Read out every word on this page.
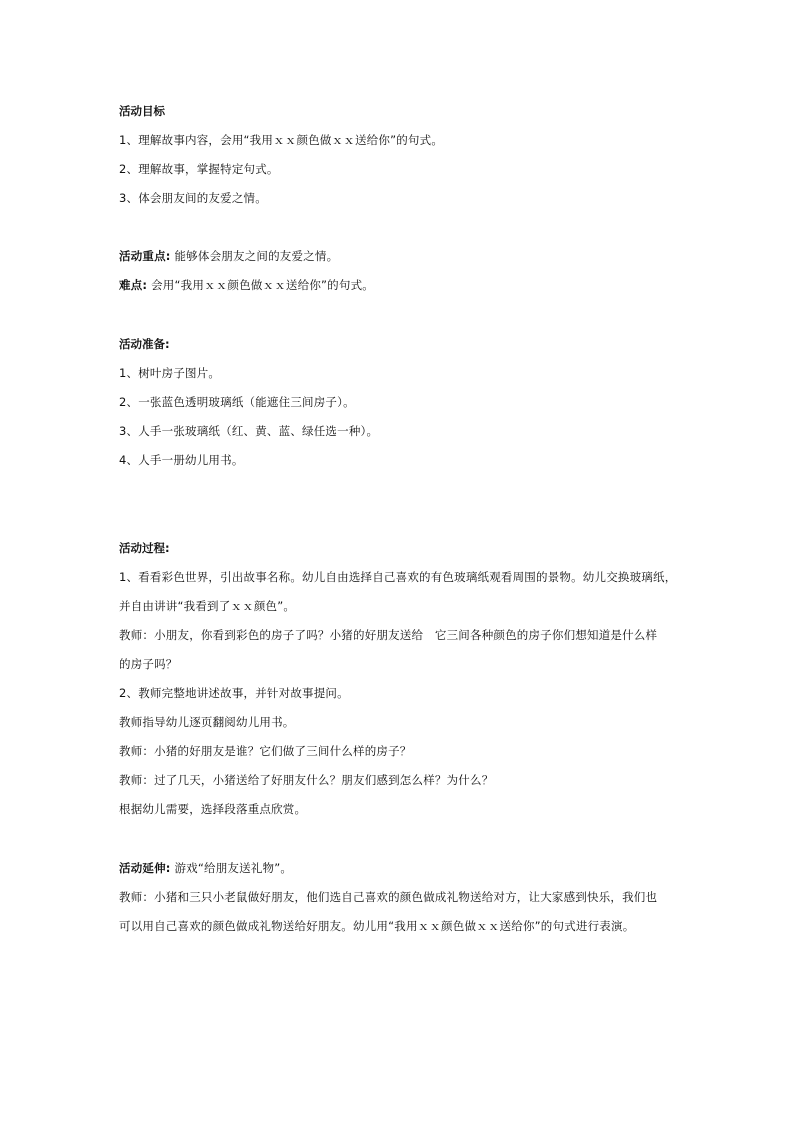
活动目标
1、理解故事内容，会用“我用ｘｘ颜色做ｘｘ送给你”的句式。
2、理解故事，掌握特定句式。
3、体会朋友间的友爱之情。
活动重点: 能够体会朋友之间的友爱之情。
难点: 会用“我用ｘｘ颜色做ｘｘ送给你”的句式。
活动准备:
1、树叶房子图片。
2、一张蓝色透明玻璃纸（能遮住三间房子）。
3、人手一张玻璃纸（红、黄、蓝、绿任选一种）。
4、人手一册幼儿用书。
活动过程:
1、看看彩色世界，引出故事名称。幼儿自由选择自己喜欢的有色玻璃纸观看周围的景物。幼儿交换玻璃纸，
并自由讲讲“我看到了ｘｘ颜色”。
教师：小朋友，你看到彩色的房子了吗？小猪的好朋友送给　它三间各种颜色的房子你们想知道是什么样
的房子吗？
2、教师完整地讲述故事，并针对故事提问。
教师指导幼儿逐页翻阅幼儿用书。
教师：小猪的好朋友是谁？它们做了三间什么样的房子？
教师：过了几天，小猪送给了好朋友什么？朋友们感到怎么样？为什么？
根据幼儿需要，选择段落重点欣赏。
活动延伸: 游戏“给朋友送礼物”。
教师：小猪和三只小老鼠做好朋友，他们选自己喜欢的颜色做成礼物送给对方，让大家感到快乐，我们也
可以用自己喜欢的颜色做成礼物送给好朋友。幼儿用“我用ｘｘ颜色做ｘｘ送给你”的句式进行表演。
